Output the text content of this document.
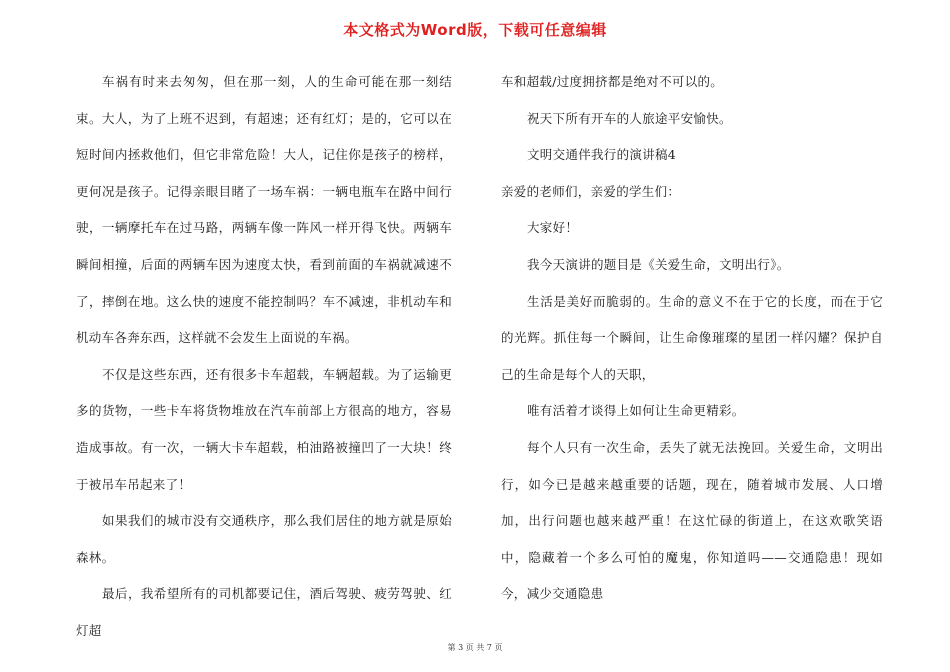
本文格式为Word版，下载可任意编辑

车祸有时来去匆匆，但在那一刻，人的生命可能在那一刻结束。大人，为了上班不迟到，有超速；还有红灯；是的，它可以在短时间内拯救他们，但它非常危险！大人，记住你是孩子的榜样，更何况是孩子。记得亲眼目睹了一场车祸：一辆电瓶车在路中间行驶，一辆摩托车在过马路，两辆车像一阵风一样开得飞快。两辆车瞬间相撞，后面的两辆车因为速度太快，看到前面的车祸就减速不了，摔倒在地。这么快的速度不能控制吗？车不减速，非机动车和机动车各奔东西，这样就不会发生上面说的车祸。

不仅是这些东西，还有很多卡车超载，车辆超载。为了运输更多的货物，一些卡车将货物堆放在汽车前部上方很高的地方，容易造成事故。有一次，一辆大卡车超载，柏油路被撞凹了一大块！终于被吊车吊起来了！

如果我们的城市没有交通秩序，那么我们居住的地方就是原始森林。

最后，我希望所有的司机都要记住，酒后驾驶、疲劳驾驶、红灯超

车和超载/过度拥挤都是绝对不可以的。

祝天下所有开车的人旅途平安愉快。

文明交通伴我行的演讲稿4

亲爱的老师们，亲爱的学生们：

大家好！

我今天演讲的题目是《关爱生命，文明出行》。

生活是美好而脆弱的。生命的意义不在于它的长度，而在于它的光辉。抓住每一个瞬间，让生命像璀璨的星团一样闪耀？保护自己的生命是每个人的天职，

唯有活着才谈得上如何让生命更精彩。

每个人只有一次生命，丢失了就无法挽回。关爱生命，文明出行，如今已是越来越重要的话题，现在，随着城市发展、人口增加，出行问题也越来越严重！在这忙碌的街道上，在这欢歌笑语中，隐藏着一个多么可怕的魔鬼，你知道吗——交通隐患！现如今，减少交通隐患

第 3 页 共 7 页
